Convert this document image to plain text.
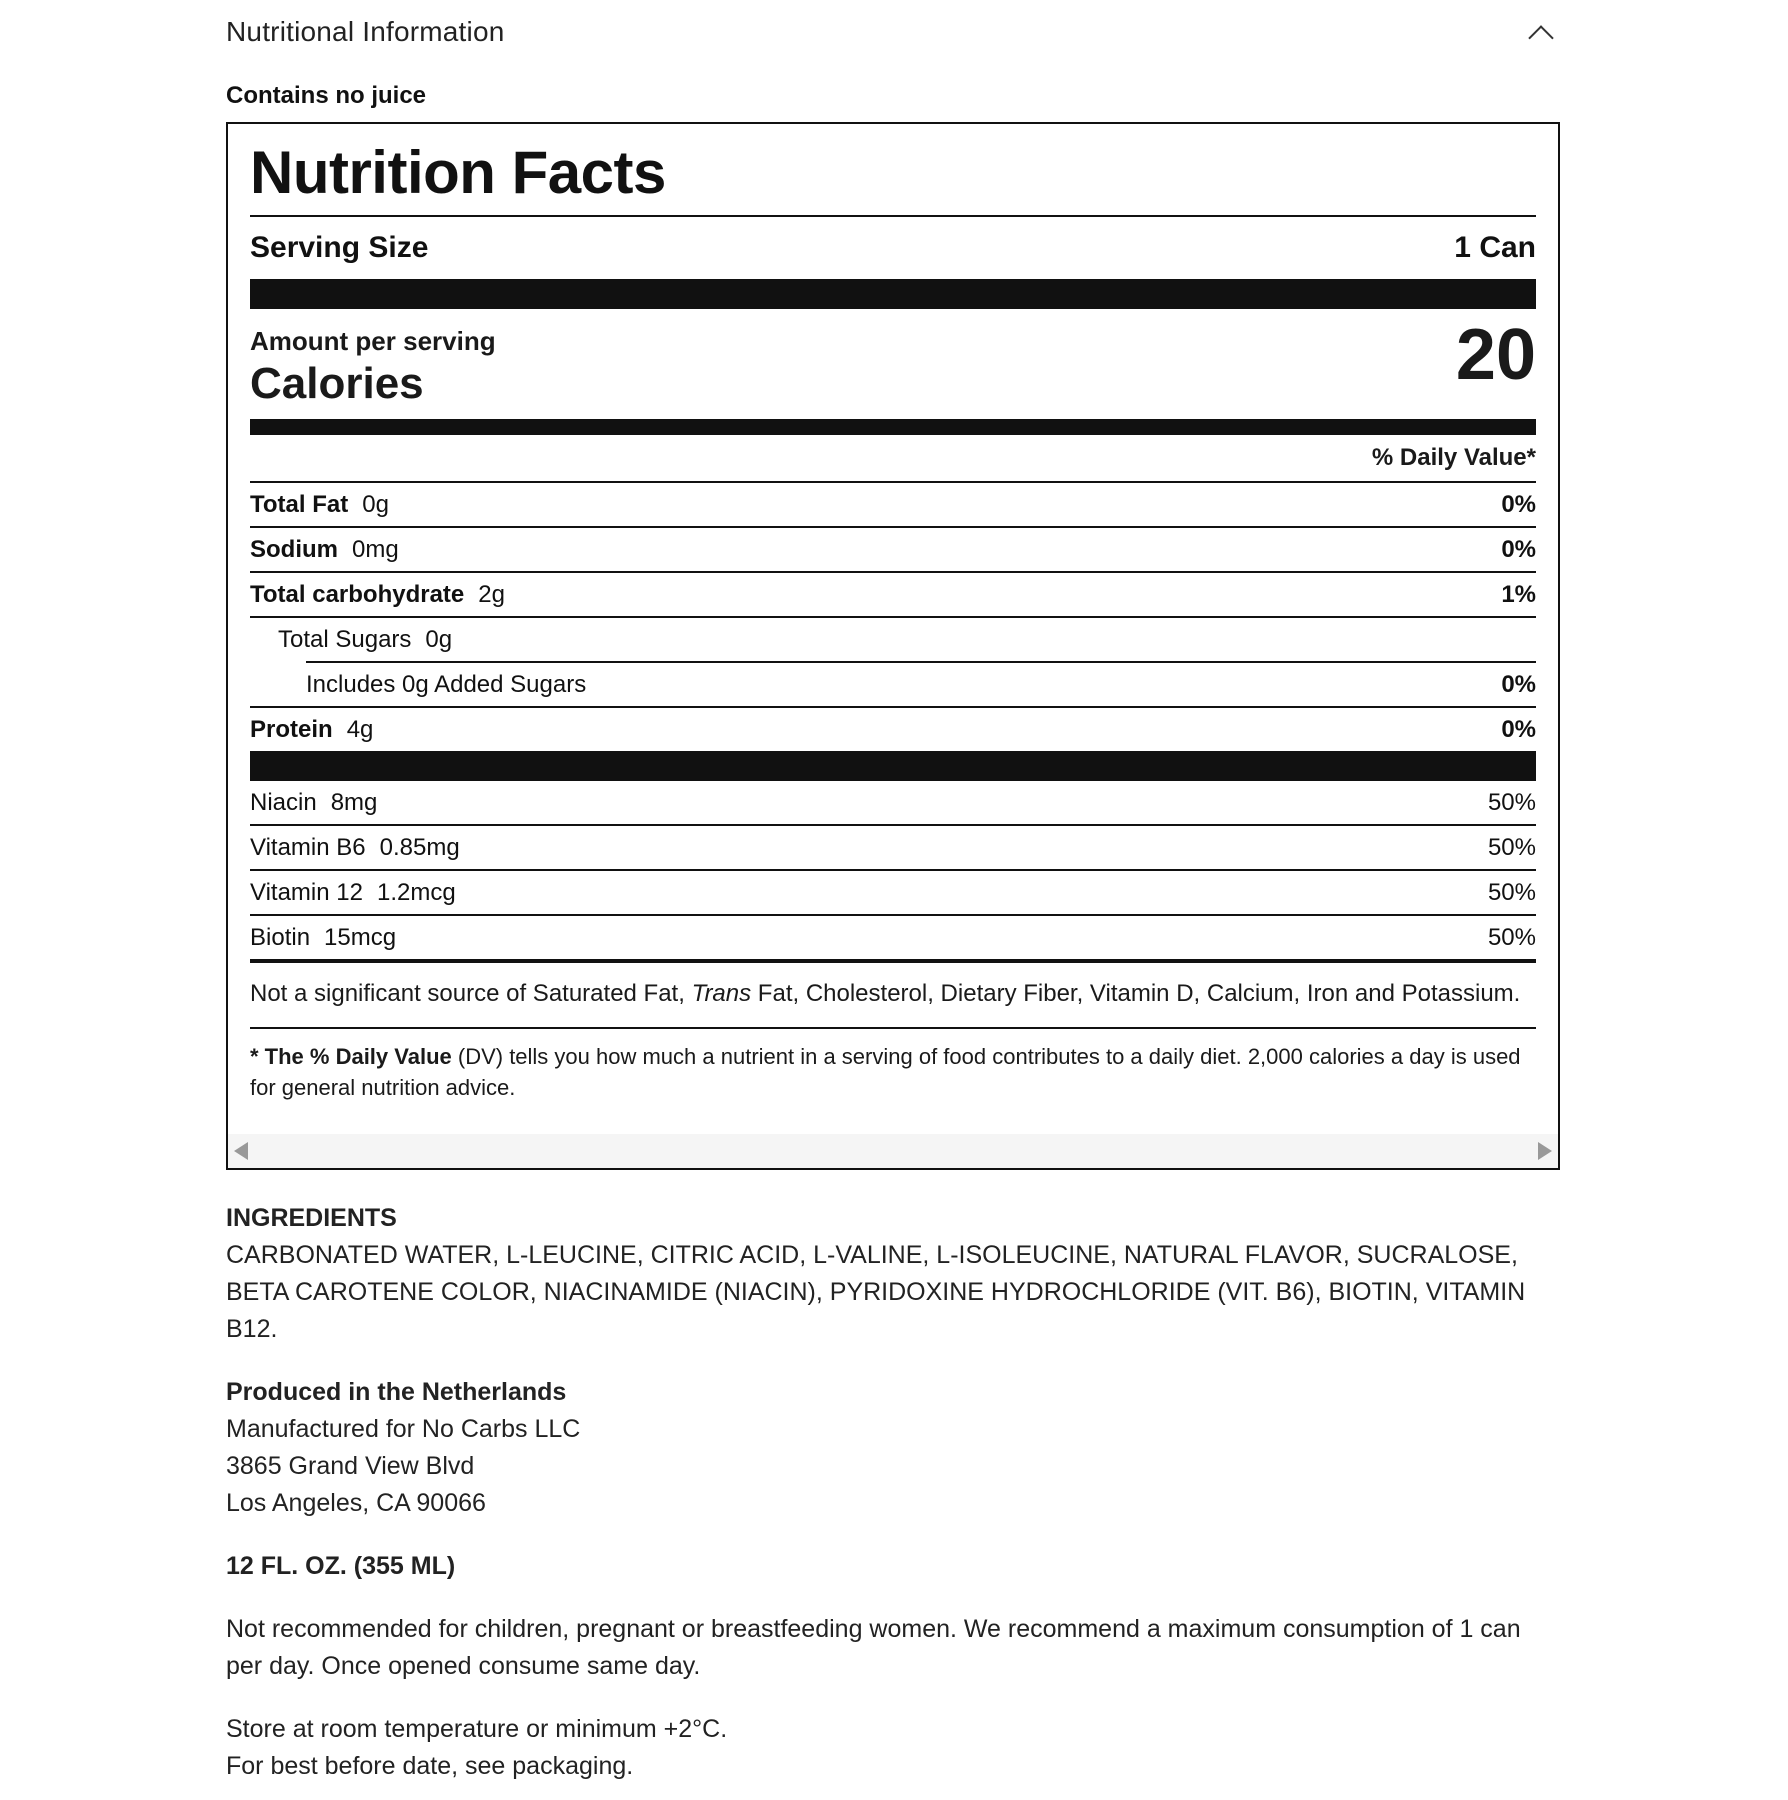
Nutritional Information
Contains no juice
Nutrition Facts
Serving Size	1 Can
Amount per serving
Calories	20
% Daily Value*
Total Fat 0g	0%
Sodium 0mg	0%
Total carbohydrate 2g	1%
Total Sugars 0g
Includes 0g Added Sugars	0%
Protein 4g	0%
Niacin 8mg	50%
Vitamin B6 0.85mg	50%
Vitamin 12 1.2mcg	50%
Biotin 15mcg	50%
Not a significant source of Saturated Fat, Trans Fat, Cholesterol, Dietary Fiber, Vitamin D, Calcium, Iron and Potassium.
* The % Daily Value (DV) tells you how much a nutrient in a serving of food contributes to a daily diet. 2,000 calories a day is used for general nutrition advice.

INGREDIENTS

CARBONATED WATER, L-LEUCINE, CITRIC ACID, L-VALINE, L-ISOLEUCINE, NATURAL FLAVOR, SUCRALOSE, BETA CAROTENE COLOR, NIACINAMIDE (NIACIN), PYRIDOXINE HYDROCHLORIDE (VIT. B6), BIOTIN, VITAMIN B12.

Produced in the Netherlands

Manufactured for No Carbs LLC

3865 Grand View Blvd

Los Angeles, CA 90066

12 FL. OZ. (355 ML)

Not recommended for children, pregnant or breastfeeding women. We recommend a maximum consumption of 1 can per day. Once opened consume same day.

Store at room temperature or minimum +2°C.

For best before date, see packaging.
